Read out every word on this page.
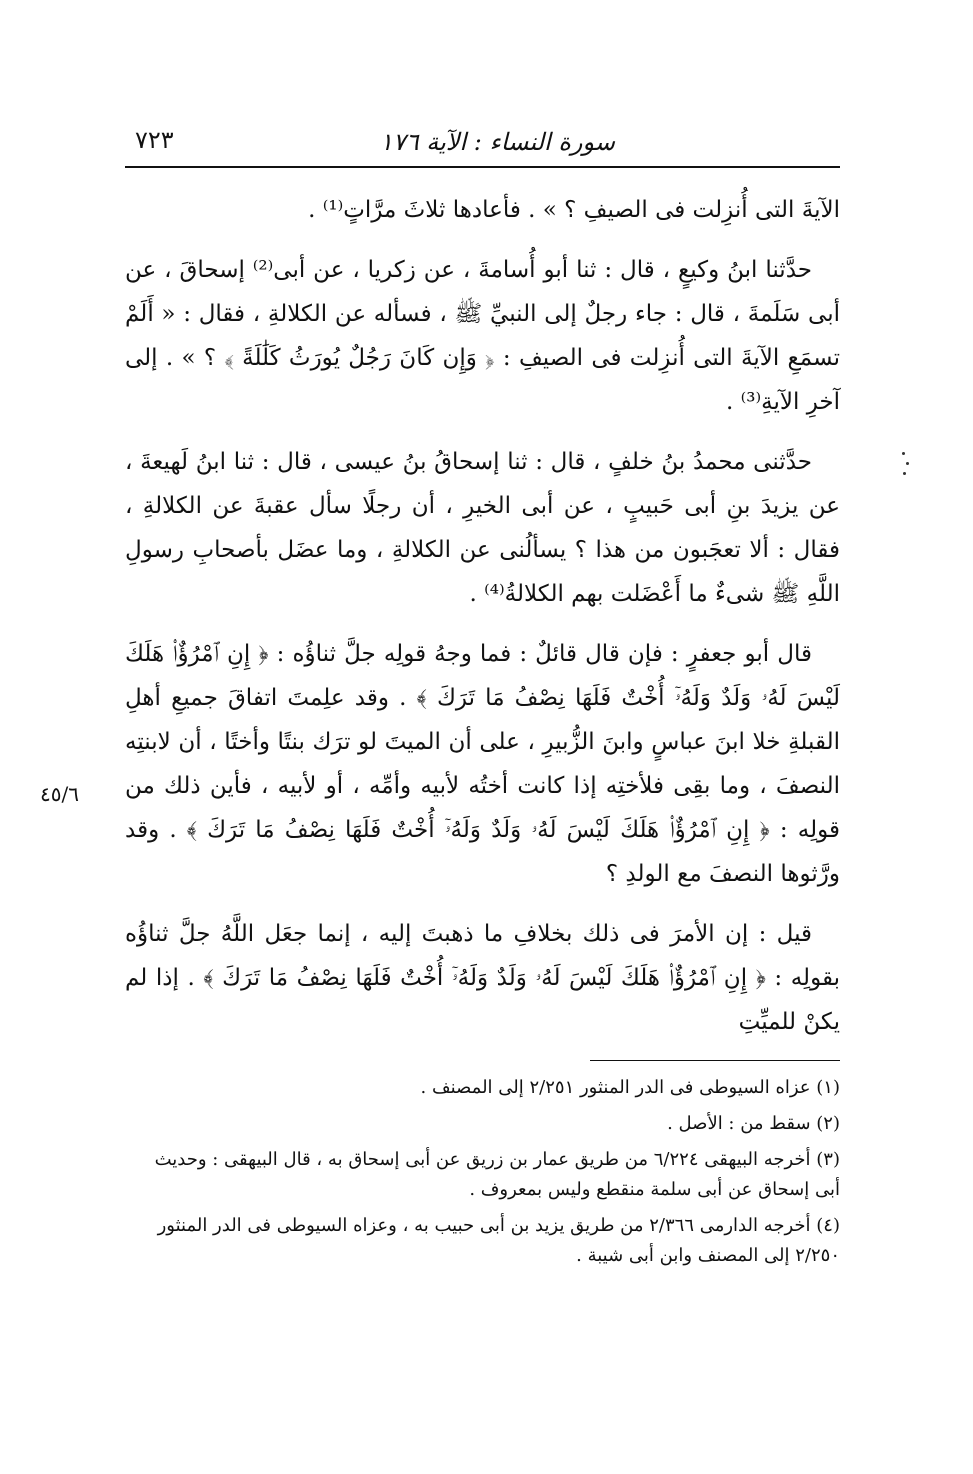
سورة النساء : الآية ١٧٦
٧٢٣

الآيةَ التى أُنزِلت فى الصيفِ ؟ » . فأعادها ثلاثَ مرَّاتٍ⁽¹⁾ .

حدَّثنا ابنُ وكيعٍ ، قال : ثنا أبو أُسامةَ ، عن زكريا ، عن أبى⁽²⁾ إسحاقَ ، عن أبى سَلَمةَ ، قال : جاء رجلٌ إلى النبيِّ ﷺ ، فسأله عن الكلالةِ ، فقال : « أَلَمْ تسمَعِ الآيةَ التى أُنزِلت فى الصيفِ : ﴿ وَإِن كَانَ رَجُلٌ يُورَثُ كَلَٰلَةً ﴾ ؟ » . إلى آخرِ الآيةِ⁽³⁾ .

حدَّثنى محمدُ بنُ خلفٍ ، قال : ثنا إسحاقُ بنُ عيسى ، قال : ثنا ابنُ لَهيعةَ ، عن يزيدَ بنِ أبى حَبيبٍ ، عن أبى الخيرِ ، أن رجلًا سأل عقبةَ عن الكلالةِ ، فقال : ألا تعجَبون من هذا ؟ يسألُنى عن الكلالةِ ، وما عضَل بأصحابِ رسولِ اللَّهِ ﷺ شىءٌ ما أَعْضَلت بهم الكلالةُ⁽⁴⁾ .

قال أبو جعفرٍ : فإن قال قائلٌ : فما وجهُ قولِه جلَّ ثناؤُه : ﴿ إِنِ ٱمْرُؤٌا۟ هَلَكَ لَيْسَ لَهُۥ وَلَدٌ وَلَهُۥٓ أُخْتٌ فَلَهَا نِصْفُ مَا تَرَكَ ﴾ . وقد علِمتَ اتفاقَ جميعِ أهلِ القبلةِ خلا ابنَ عباسٍ وابنَ الزُّبيرِ ، على أن الميتَ لو ترَك بنتًا وأختًا ، أن لابنتِه النصفَ ، وما بقِى فلأختِه إذا كانت أختُه لأبيه وأمِّه ، أو لأبيه ، فأين ذلك من قولِه : ﴿ إِنِ ٱمْرُؤٌا۟ هَلَكَ لَيْسَ لَهُۥ وَلَدٌ وَلَهُۥٓ أُخْتٌ فَلَهَا نِصْفُ مَا تَرَكَ ﴾ . وقد ورَّثوها النصفَ مع الولدِ ؟

قيل : إن الأمرَ فى ذلك بخلافِ ما ذهبتَ إليه ، إنما جعَل اللَّهُ جلَّ ثناؤُه بقولِه : ﴿ إِنِ ٱمْرُؤٌا۟ هَلَكَ لَيْسَ لَهُۥ وَلَدٌ وَلَهُۥٓ أُخْتٌ فَلَهَا نِصْفُ مَا تَرَكَ ﴾ . إذا لم يكنْ للميِّتِ

(١) عزاه السيوطى فى الدر المنثور ٢/٢٥١ إلى المصنف .

(٢) سقط من : الأصل .

(٣) أخرجه البيهقى ٦/٢٢٤ من طريق عمار بن زريق عن أبى إسحاق به ، قال البيهقى : وحديث أبى إسحاق عن أبى سلمة منقطع وليس بمعروف .

(٤) أخرجه الدارمى ٢/٣٦٦ من طريق يزيد بن أبى حبيب به ، وعزاه السيوطى فى الدر المنثور ٢/٢٥٠ إلى المصنف وابن أبى شيبة .

٤٥/٦
